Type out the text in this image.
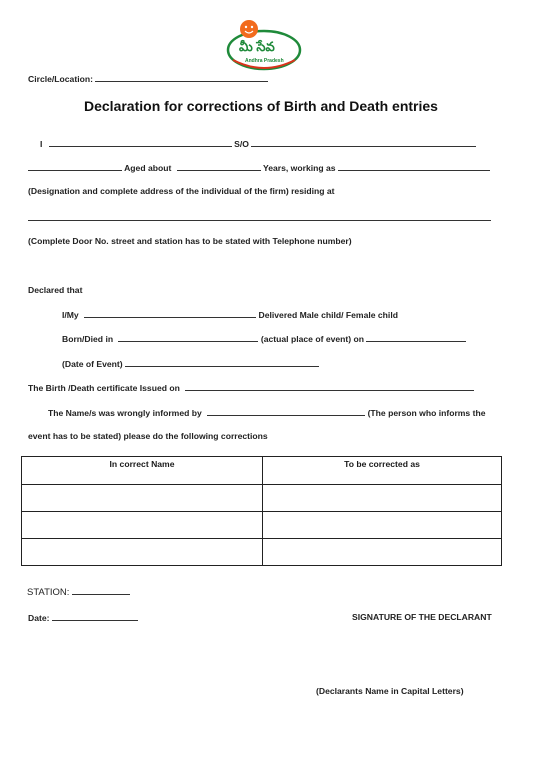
మీ సేవ
Andhra Pradesh
Circle/Location:
Declaration for corrections of Birth and Death entries
I	S/O
Aged about	Years, working as
(Designation and complete address of the individual of the firm) residing at
(Complete Door No. street and station has to be stated with Telephone number)
Declared that
I/My	Delivered Male child/ Female child
Born/Died in	(actual place of event) on
(Date of Event)
The Birth /Death certificate Issued on
The Name/s was wrongly informed by	(The person who informs the
event has to be stated) please do the following corrections
In correct Name	To be corrected as

STATION:
Date:	SIGNATURE OF THE DECLARANT
(Declarants Name in Capital Letters)
